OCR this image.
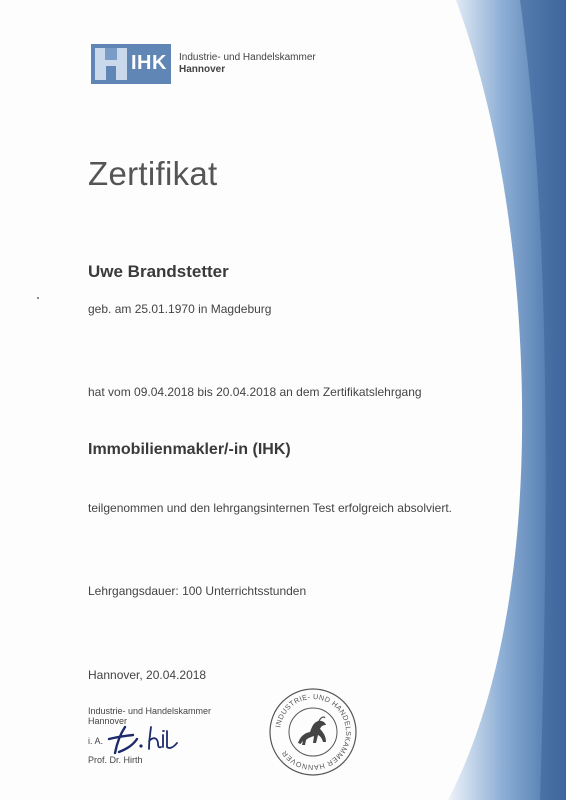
IHK Industrie- und Handelskammer
Hannover
Zertifikat
Uwe Brandstetter
geb. am 25.01.1970 in Magdeburg
hat vom 09.04.2018 bis 20.04.2018 an dem Zertifikatslehrgang
Immobilienmakler/-in (IHK)
teilgenommen und den lehrgangsinternen Test erfolgreich absolviert.
Lehrgangsdauer: 100 Unterrichtsstunden
Hannover, 20.04.2018
Industrie- und Handelskammer
Hannover
i. A.
Prof. Dr. Hirth
INDUSTRIE- UND HANDELSKAMMER HANNOVER
